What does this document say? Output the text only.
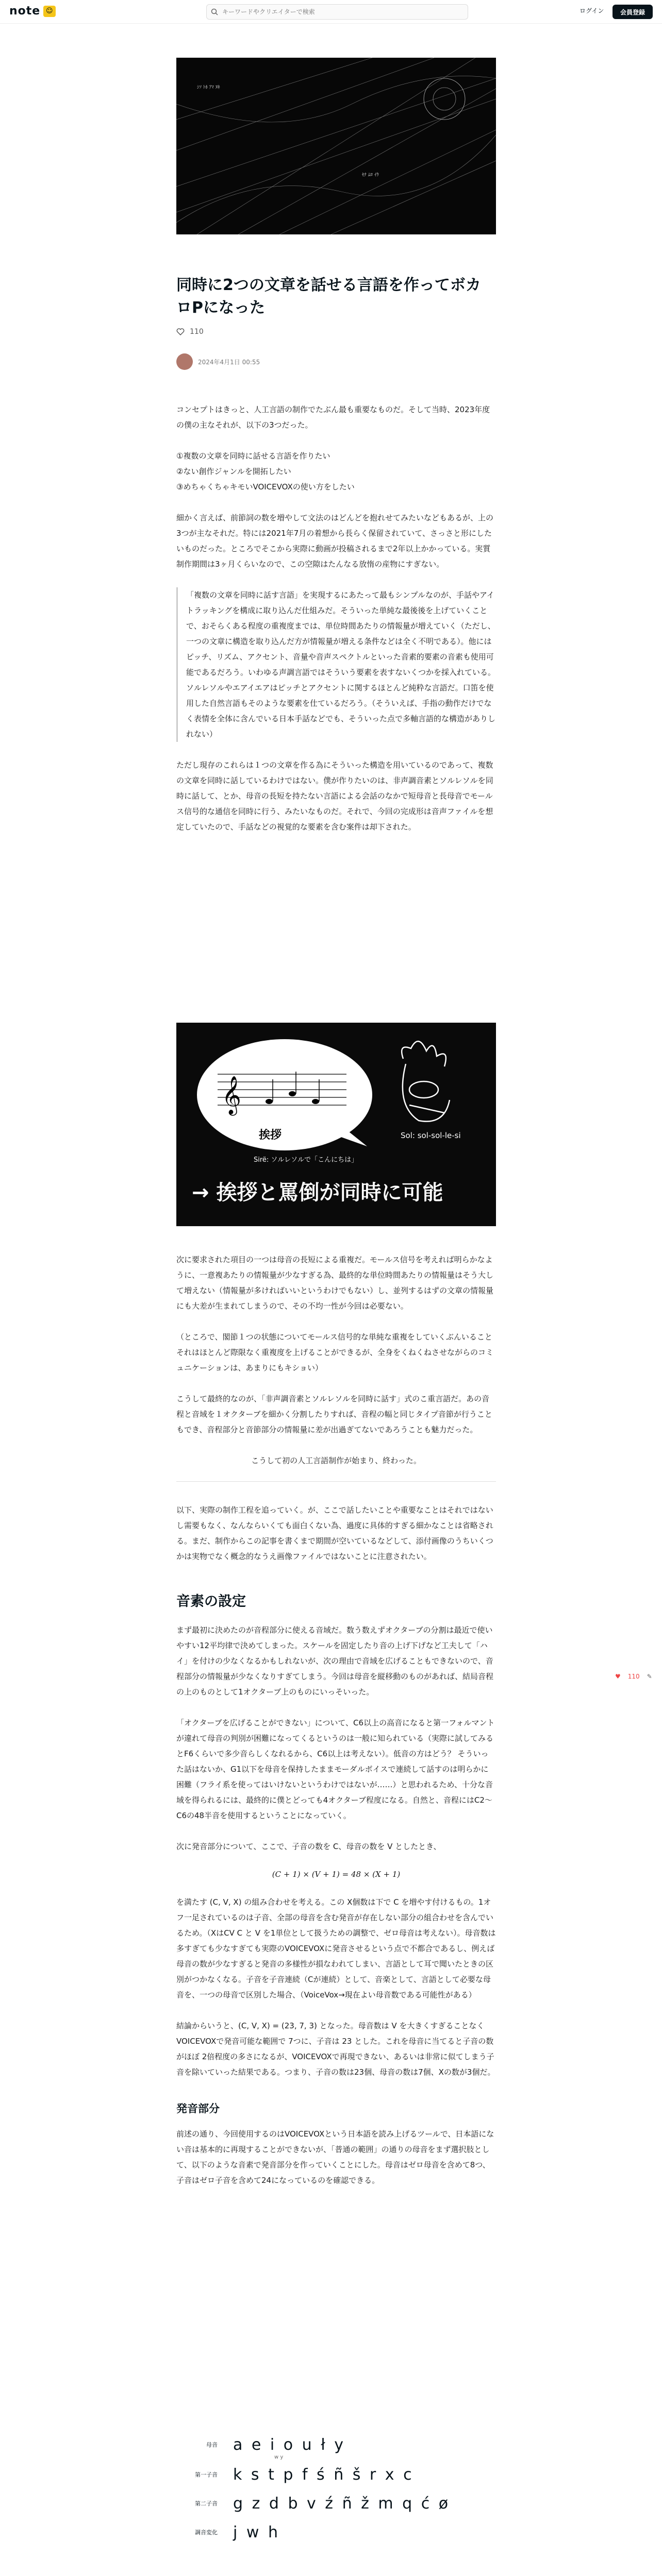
note ☺
キーワードやクリエイターで検索	ログイン	会員登録
ｼｿ ﾄﾎ ｱﾏ ﾇｷ
ｾﾅ ﾑﾛ ｲｳ
同時に2つの文章を話せる言語を作ってボカロPになった
110
2024年4月1日 00:55

コンセプトはきっと、人工言語の制作でたぶん最も重要なものだ。そして当時、2023年度の僕の主なそれが、以下の3つだった。

①複数の文章を同時に話せる言語を作りたい

②ない創作ジャンルを開拓したい

③めちゃくちゃキモいVOICEVOXの使い方をしたい

細かく言えば、前節詞の数を増やして文法のはどんどを抱れせてみたいなどもあるが、上の3つが主なそれだ。特には2021年7月の着想から長らく保留されていて、さっさと形にしたいものだった。ところでそこから実際に動画が投稿されるまで2年以上かかっている。実質制作期間は3ヶ月くらいなので、この空隙はたんなる放惰の産物にすぎない。

「複数の文章を同時に話す言語」を実現するにあたって最もシンプルなのが、手話やアイトラッキングを構成に取り込んだ仕組みだ。そういった単純な最後後を上げていくことで、おそらくある程度の重複度までは、単位時間あたりの情報量が増えていく（ただし、一つの文章に構造を取り込んだ方が情報量が増える条件などは全く不明である）。他にはピッチ、リズム、アクセント、音量や音声スペクトルといった音素的要素の音素も使用可能であるだろう。いわゆる声調言語ではそういう要素を表すないくつかを採入れている。ソルレソルやエアイエアはピッチとアクセントに関するほとんど純粋な言語だ。口笛を使用した自然言語もそのような要素を仕ているだろう。（そういえば、手指の動作だけでなく表情を全体に含んでいる日本手話などでも、そういった点で多軸言語的な構造がありしれない）

ただし現存のこれらは１つの文章を作る為にそういった構造を用いているのであって、複数の文章を同時に話しているわけではない。僕が作りたいのは、非声調音素とソルレソルを同時に話して、とか、母音の長短を持たない言語による会話のなかで短母音と長母音でモールス信号的な通信を同時に行う、みたいなものだ。それで、今回の完成形は音声ファイルを想定していたので、手話などの視覚的な要素を含む案件は却下された。

𝄞
挨拶	Sol: sol-sol-le-si
Sirë: ソルレソルで「こんにちは」
→ 挨拶と罵倒が同時に可能

次に要求された項目の一つは母音の長短による重複だ。モールス信号を考えれば明らかなように、一意複あたりの情報量が少なすぎる為、最終的な単位時間あたりの情報量はそう大して増えない（情報量が多ければいいというわけでもない）し、並列するはずの文章の情報量にも大差が生まれてしまうので、その不均一性が今回は必要ない。

（ところで、閣節１つの状態についてモールス信号的な単純な重複をしていくぶんいることそれはほとんど際限なく重複度を上げることができるが、全身をくねくねさせながらのコミュニケーションは、あまりにもキショい）

こうして最終的なのが、「非声調音素とソルレソルを同時に話す」式のこ重言語だ。あの音程と音域を１オクターブを細かく分割したりすれば、音程の幅と同じタイプ音節が行うこともでき、音程部分と音節部分の情報量に差が出過ぎてないであろうことも魅力だった。

こうして初の人工言語制作が始まり、終わった。

以下、実際の制作工程を追っていく。が、ここで話したいことや重要なことはそれではないし需要もなく、なんならいくても面白くない為、過度に具体的すぎる細かなことは省略される。まだ、制作からこの記事を書くまで期間が空いているなどして、添付画像のうちいくつかは実物でなく概念的なうえ画像ファイルではないことに注意されたい。

音素の設定

まず最初に決めたのが音程部分に使える音域だ。数う数えずオクターブの分割は最近で使いやすい12平均律で決めてしまった。スケールを固定したり音の上げ下げなど工夫して「ハイ」を付けの少なくなるかもしれないが、次の理由で音域を広げることもできないので、音程部分の情報量が少なくなりすぎてしまう。今回は母音を縦移動のものがあれば、結局音程の上のものとして1オクターブ上のものにいっそいった。

「オクターブを広げることができない」について、C6以上の高音になると第一フォルマントが違れて母音の判別が困難になってくるというのは一般に知られている（実際に試してみるとF6くらいで多少音らしくなれるから、C6以上は考えない）。低音の方はどう？ そういった話はないか、G1以下を母音を保持したままモーダルボイスで連続して話すのは明らかに困難（フライ系を使ってはいけないというわけではないが……）と思われるため、十分な音域を得られるには、最終的に僕とどっても4オクターブ程度になる。自然と、音程にはC2～C6の48半音を使用するということになっていく。

次に発音部分について、ここで、子音の数を C、母音の数を V としたとき、

(C + 1) × (V + 1) = 48 × (X + 1)

を満たす (C, V, X) の組み合わせを考える。この X個数は下で C を増やす付けるもの。1オフ一足されているのは子音、全部の母音を含む発音が存在しない部分の組合わせを含んでいるため。（XはCV C と V を1単位として扱うための調整で、ゼロ母音は考えない）。母音数は多すぎても少なすぎても実際のVOICEVOXに発音させるという点で不都合であるし、例えば母音の数が少なすぎると発音の多様性が損なわれてしまい、言語として耳で聞いたときの区別がつかなくなる。子音を子音連続（Cが連続）として、音楽として、言語として必要な母音を、一つの母音で区別した場合、（VoiceVox→現在よい母音数である可能性がある）

結論からいうと、(C, V, X) = (23, 7, 3) となった。母音数は V を大きくすぎることなくVOICEVOXで発音可能な範囲で 7つに、子音は 23 とした。これを母音に当てると子音の数がほぼ 2倍程度の多さになるが、VOICEVOXで再現できない、あるいは非常に似てしまう子音を除いていった結果である。つまり、子音の数は23個、母音の数は7個、Xの数が3個だ。

発音部分

前述の通り、今回使用するのはVOICEVOXという日本語を読み上げるツールで、日本語にない音は基本的に再現することができないが、「普通の範囲」の通りの母音をまず選択肢として、以下のような音素で発音部分を作っていくことにした。母音はゼロ母音を含めて8つ、子音はゼロ子音を含めて24になっているのを確認できる。

♥ 110 ✎
母音	a e i o u ł y
w y
第一子音	k s t p f ś ñ š r x c
第二子音	g z d b v ź ñ ž m q ć ø
調音変化	j w h
